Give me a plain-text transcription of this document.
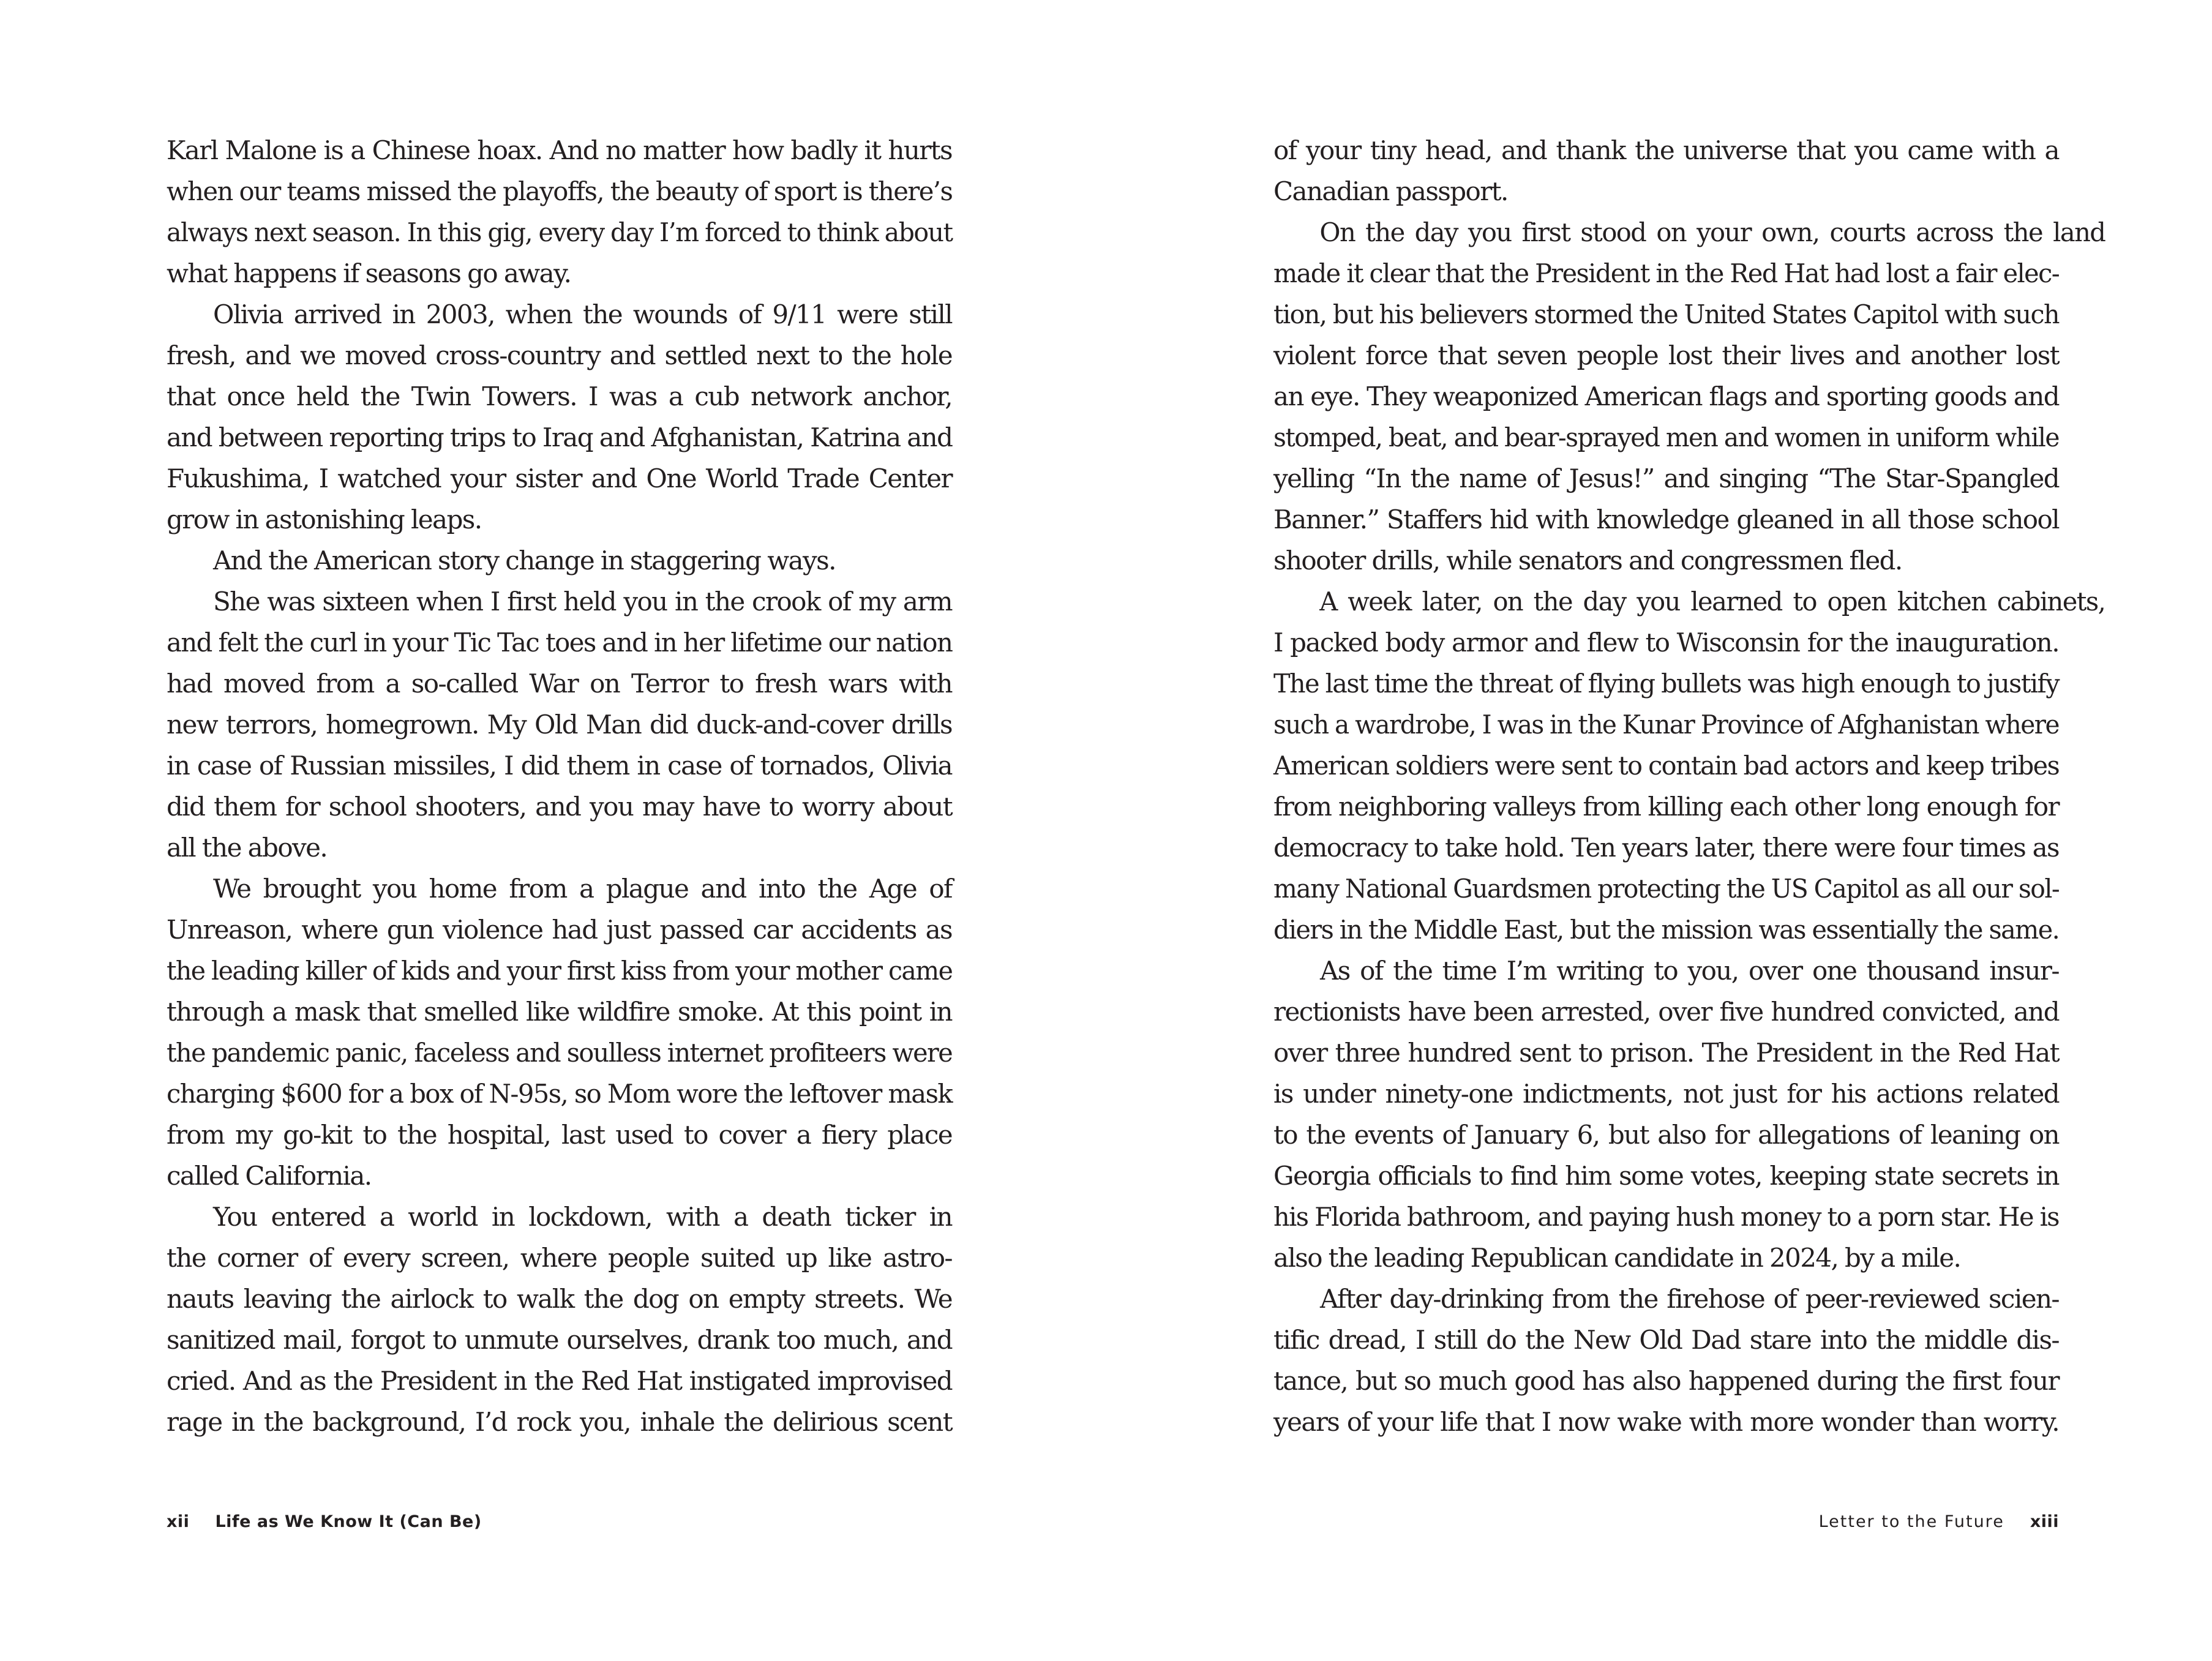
Karl Malone is a Chinese hoax. And no matter how badly it hurts
when our teams missed the playoffs, the beauty of sport is there’s
always next season. In this gig, every day I’m forced to think about
what happens if seasons go away.
Olivia arrived in 2003, when the wounds of 9/11 were still
fresh, and we moved cross-country and settled next to the hole
that once held the Twin Towers. I was a cub network anchor,
and between reporting trips to Iraq and Afghanistan, Katrina and
Fukushima, I watched your sister and One World Trade Center
grow in astonishing leaps.
And the American story change in staggering ways.
She was sixteen when I first held you in the crook of my arm
and felt the curl in your Tic Tac toes and in her lifetime our nation
had moved from a so-called War on Terror to fresh wars with
new terrors, homegrown. My Old Man did duck-and-cover drills
in case of Russian missiles, I did them in case of tornados, Olivia
did them for school shooters, and you may have to worry about
all the above.
We brought you home from a plague and into the Age of
Unreason, where gun violence had just passed car accidents as
the leading killer of kids and your first kiss from your mother came
through a mask that smelled like wildfire smoke. At this point in
the pandemic panic, faceless and soulless internet profiteers were
charging $600 for a box of N-95s, so Mom wore the leftover mask
from my go-kit to the hospital, last used to cover a fiery place
called California.
You entered a world in lockdown, with a death ticker in
the corner of every screen, where people suited up like astro-
nauts leaving the airlock to walk the dog on empty streets. We
sanitized mail, forgot to unmute ourselves, drank too much, and
cried. And as the President in the Red Hat instigated improvised
rage in the background, I’d rock you, inhale the delirious scent
xii Life as We Know It (Can Be)
of your tiny head, and thank the universe that you came with a
Canadian passport.
On the day you first stood on your own, courts across the land
made it clear that the President in the Red Hat had lost a fair elec-
tion, but his believers stormed the United States Capitol with such
violent force that seven people lost their lives and another lost
an eye. They weaponized American flags and sporting goods and
stomped, beat, and bear-sprayed men and women in uniform while
yelling “In the name of Jesus!” and singing “The Star-Spangled
Banner.” Staffers hid with knowledge gleaned in all those school
shooter drills, while senators and congressmen fled.
A week later, on the day you learned to open kitchen cabinets,
I packed body armor and flew to Wisconsin for the inauguration.
The last time the threat of flying bullets was high enough to justify
such a wardrobe, I was in the Kunar Province of Afghanistan where
American soldiers were sent to contain bad actors and keep tribes
from neighboring valleys from killing each other long enough for
democracy to take hold. Ten years later, there were four times as
many National Guardsmen protecting the US Capitol as all our sol-
diers in the Middle East, but the mission was essentially the same.
As of the time I’m writing to you, over one thousand insur-
rectionists have been arrested, over five hundred convicted, and
over three hundred sent to prison. The President in the Red Hat
is under ninety-one indictments, not just for his actions related
to the events of January 6, but also for allegations of leaning on
Georgia officials to find him some votes, keeping state secrets in
his Florida bathroom, and paying hush money to a porn star. He is
also the leading Republican candidate in 2024, by a mile.
After day-drinking from the firehose of peer-reviewed scien-
tific dread, I still do the New Old Dad stare into the middle dis-
tance, but so much good has also happened during the first four
years of your life that I now wake with more wonder than worry.
Letter to the Future xiii
